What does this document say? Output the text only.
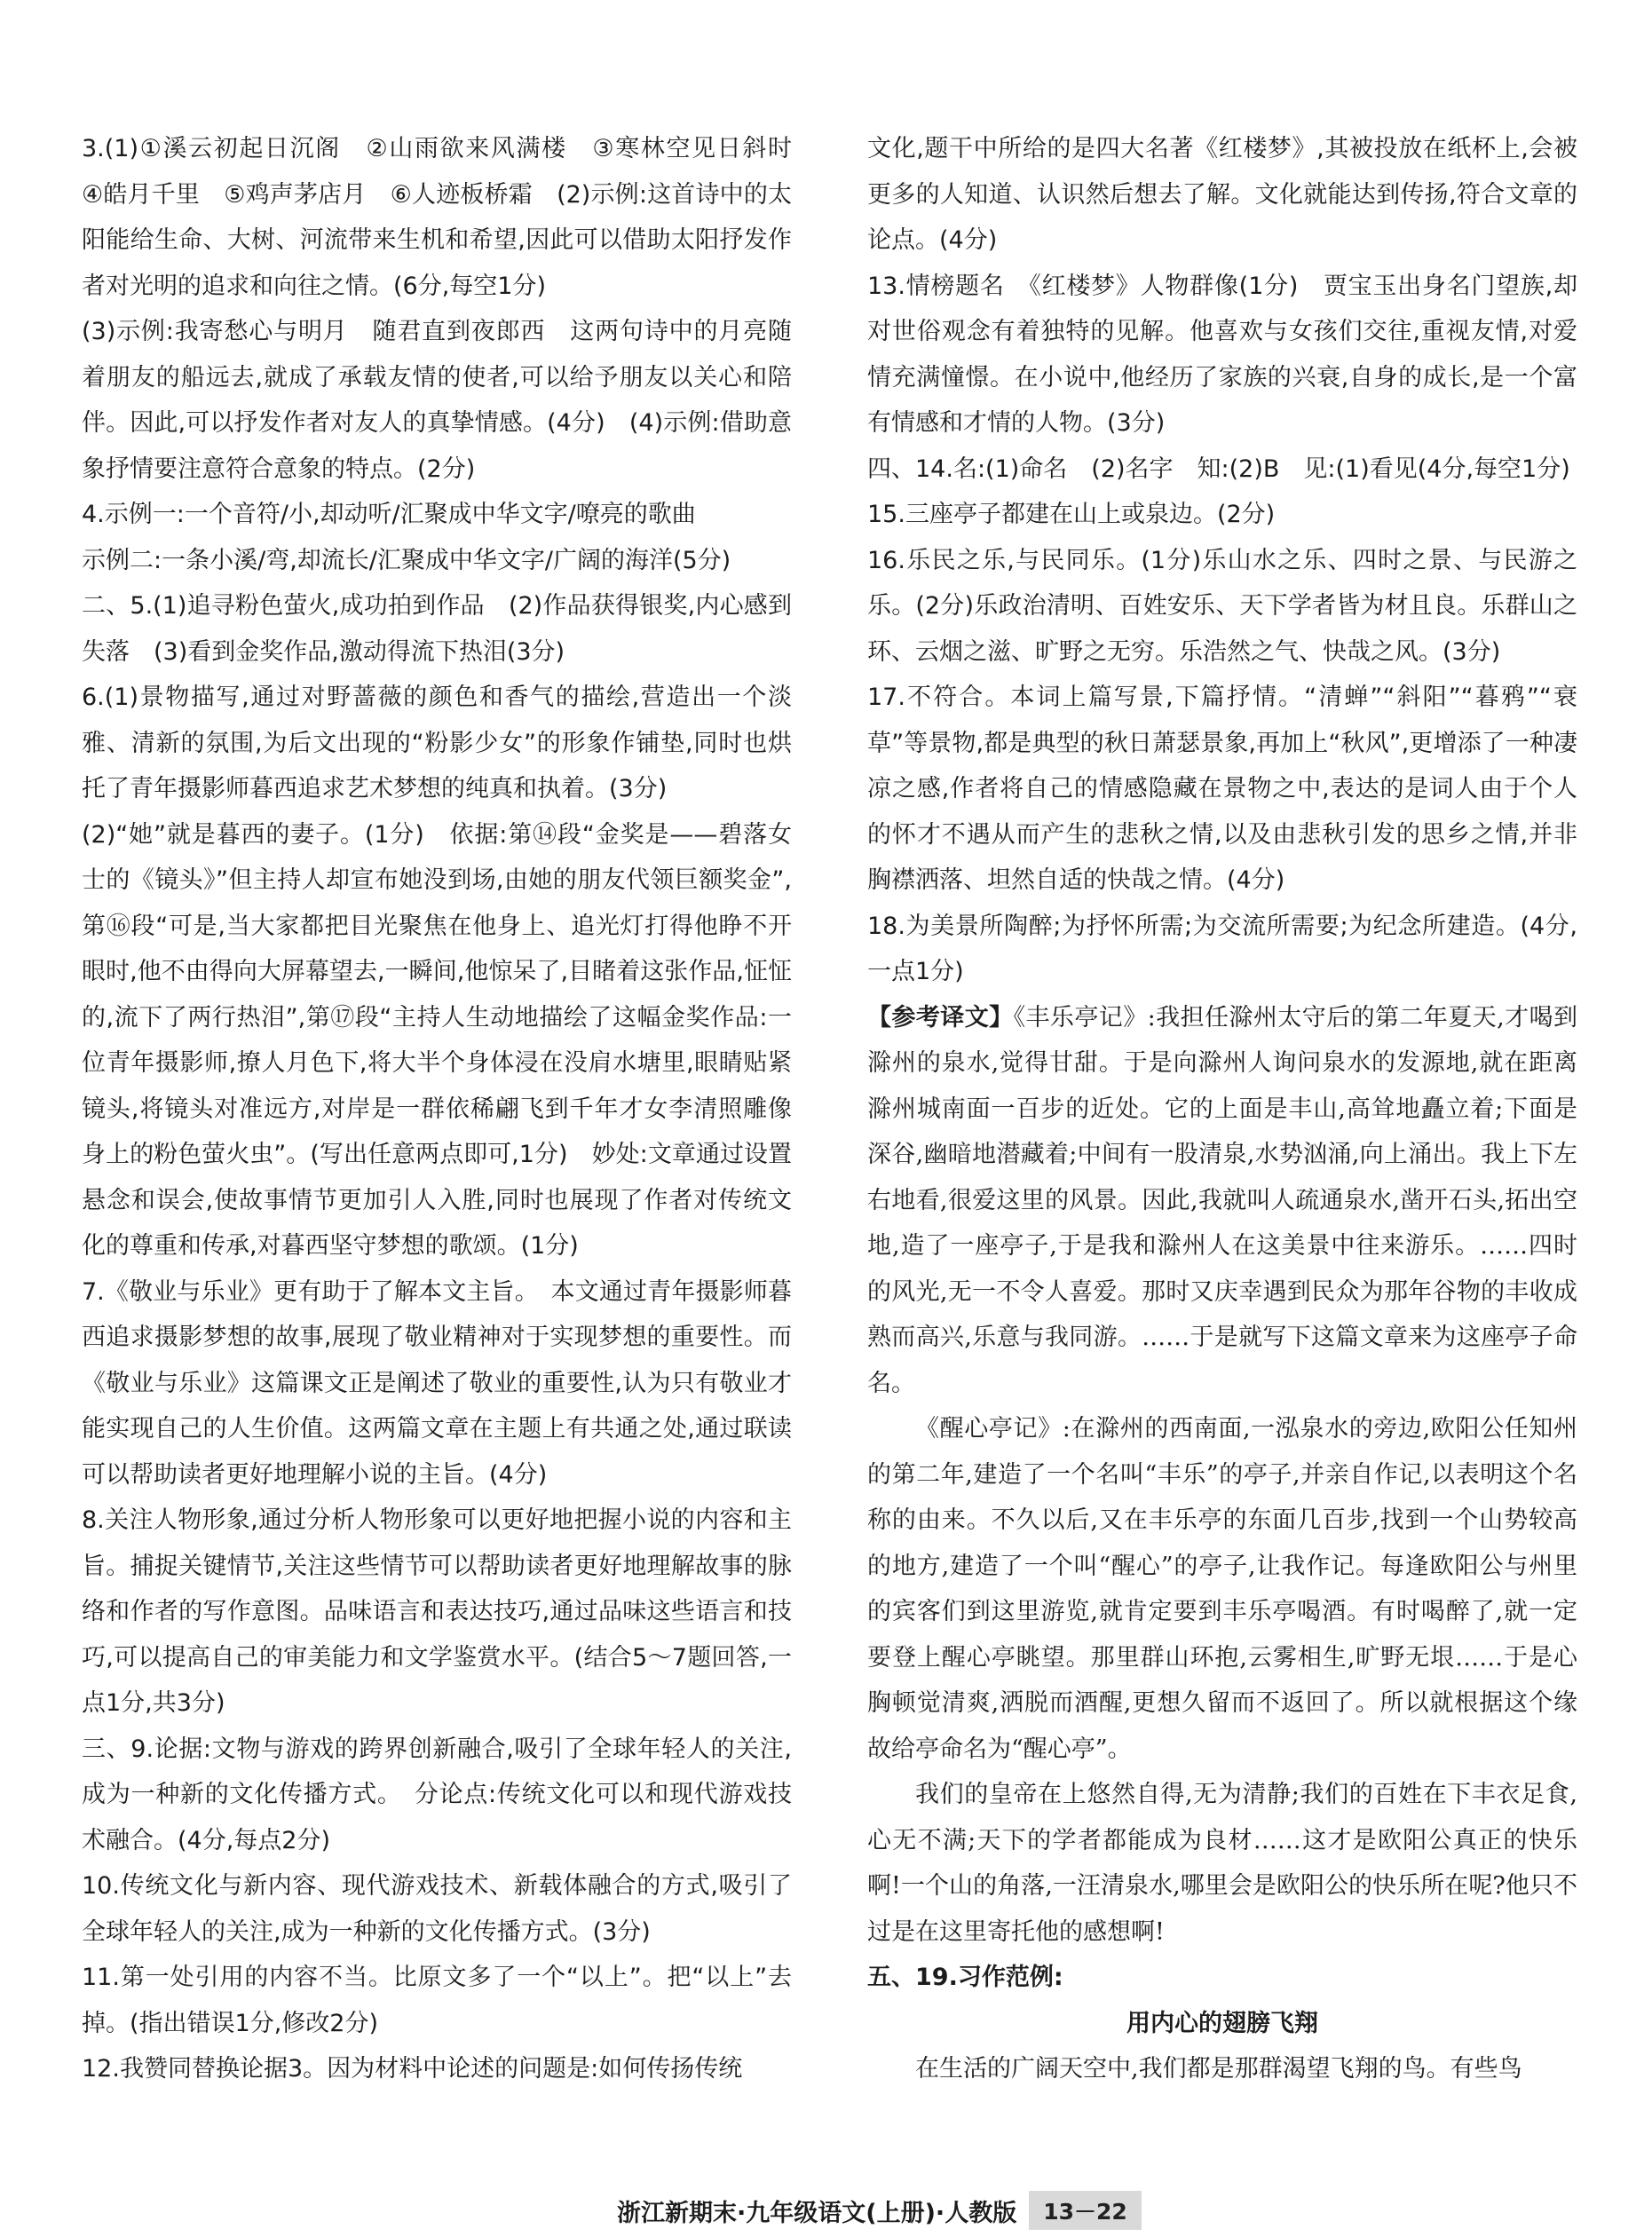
3.(1)①溪云初起日沉阁　②山雨欲来风满楼　③寒林空见日斜时　④皓月千里　⑤鸡声茅店月　⑥人迹板桥霜　(2)示例:这首诗中的太阳能给生命、大树、河流带来生机和希望,因此可以借助太阳抒发作者对光明的追求和向往之情。(6分,每空1分)

(3)示例:我寄愁心与明月　随君直到夜郎西　这两句诗中的月亮随着朋友的船远去,就成了承载友情的使者,可以给予朋友以关心和陪伴。因此,可以抒发作者对友人的真挚情感。(4分)　(4)示例:借助意象抒情要注意符合意象的特点。(2分)

4.示例一:一个音符/小,却动听/汇聚成中华文字/嘹亮的歌曲

示例二:一条小溪/弯,却流长/汇聚成中华文字/广阔的海洋(5分)

二、5.(1)追寻粉色萤火,成功拍到作品　(2)作品获得银奖,内心感到失落　(3)看到金奖作品,激动得流下热泪(3分)

6.(1)景物描写,通过对野蔷薇的颜色和香气的描绘,营造出一个淡雅、清新的氛围,为后文出现的“粉影少女”的形象作铺垫,同时也烘托了青年摄影师暮西追求艺术梦想的纯真和执着。(3分)

(2)“她”就是暮西的妻子。(1分)　依据:第⑭段“金奖是——碧落女士的《镜头》”但主持人却宣布她没到场,由她的朋友代领巨额奖金”,第⑯段“可是,当大家都把目光聚焦在他身上、追光灯打得他睁不开眼时,他不由得向大屏幕望去,一瞬间,他惊呆了,目睹着这张作品,怔怔的,流下了两行热泪”,第⑰段“主持人生动地描绘了这幅金奖作品:一位青年摄影师,撩人月色下,将大半个身体浸在没肩水塘里,眼睛贴紧镜头,将镜头对准远方,对岸是一群依稀翩飞到千年才女李清照雕像身上的粉色萤火虫”。(写出任意两点即可,1分)　妙处:文章通过设置悬念和误会,使故事情节更加引人入胜,同时也展现了作者对传统文化的尊重和传承,对暮西坚守梦想的歌颂。(1分)

7.《敬业与乐业》更有助于了解本文主旨。　本文通过青年摄影师暮西追求摄影梦想的故事,展现了敬业精神对于实现梦想的重要性。而《敬业与乐业》这篇课文正是阐述了敬业的重要性,认为只有敬业才能实现自己的人生价值。这两篇文章在主题上有共通之处,通过联读可以帮助读者更好地理解小说的主旨。(4分)

8.关注人物形象,通过分析人物形象可以更好地把握小说的内容和主旨。捕捉关键情节,关注这些情节可以帮助读者更好地理解故事的脉络和作者的写作意图。品味语言和表达技巧,通过品味这些语言和技巧,可以提高自己的审美能力和文学鉴赏水平。(结合5～7题回答,一点1分,共3分)

三、9.论据:文物与游戏的跨界创新融合,吸引了全球年轻人的关注,成为一种新的文化传播方式。　分论点:传统文化可以和现代游戏技术融合。(4分,每点2分)

10.传统文化与新内容、现代游戏技术、新载体融合的方式,吸引了全球年轻人的关注,成为一种新的文化传播方式。(3分)

11.第一处引用的内容不当。比原文多了一个“以上”。把“以上”去掉。(指出错误1分,修改2分)

12.我赞同替换论据3。因为材料中论述的问题是:如何传扬传统

文化,题干中所给的是四大名著《红楼梦》,其被投放在纸杯上,会被更多的人知道、认识然后想去了解。文化就能达到传扬,符合文章的论点。(4分)

13.情榜题名　《红楼梦》人物群像(1分)　贾宝玉出身名门望族,却对世俗观念有着独特的见解。他喜欢与女孩们交往,重视友情,对爱情充满憧憬。在小说中,他经历了家族的兴衰,自身的成长,是一个富有情感和才情的人物。(3分)

四、14.名:(1)命名　(2)名字　知:(2)B　见:(1)看见(4分,每空1分)

15.三座亭子都建在山上或泉边。(2分)

16.乐民之乐,与民同乐。(1分)乐山水之乐、四时之景、与民游之乐。(2分)乐政治清明、百姓安乐、天下学者皆为材且良。乐群山之环、云烟之滋、旷野之无穷。乐浩然之气、快哉之风。(3分)

17.不符合。本词上篇写景,下篇抒情。“清蝉”“斜阳”“暮鸦”“衰草”等景物,都是典型的秋日萧瑟景象,再加上“秋风”,更增添了一种凄凉之感,作者将自己的情感隐藏在景物之中,表达的是词人由于个人的怀才不遇从而产生的悲秋之情,以及由悲秋引发的思乡之情,并非胸襟洒落、坦然自适的快哉之情。(4分)

18.为美景所陶醉;为抒怀所需;为交流所需要;为纪念所建造。(4分,一点1分)

【参考译文】《丰乐亭记》:我担任滁州太守后的第二年夏天,才喝到滁州的泉水,觉得甘甜。于是向滁州人询问泉水的发源地,就在距离滁州城南面一百步的近处。它的上面是丰山,高耸地矗立着;下面是深谷,幽暗地潜藏着;中间有一股清泉,水势汹涌,向上涌出。我上下左右地看,很爱这里的风景。因此,我就叫人疏通泉水,凿开石头,拓出空地,造了一座亭子,于是我和滁州人在这美景中往来游乐。……四时的风光,无一不令人喜爱。那时又庆幸遇到民众为那年谷物的丰收成熟而高兴,乐意与我同游。……于是就写下这篇文章来为这座亭子命名。

《醒心亭记》:在滁州的西南面,一泓泉水的旁边,欧阳公任知州的第二年,建造了一个名叫“丰乐”的亭子,并亲自作记,以表明这个名称的由来。不久以后,又在丰乐亭的东面几百步,找到一个山势较高的地方,建造了一个叫“醒心”的亭子,让我作记。每逢欧阳公与州里的宾客们到这里游览,就肯定要到丰乐亭喝酒。有时喝醉了,就一定要登上醒心亭眺望。那里群山环抱,云雾相生,旷野无垠……于是心胸顿觉清爽,洒脱而酒醒,更想久留而不返回了。所以就根据这个缘故给亭命名为“醒心亭”。

我们的皇帝在上悠然自得,无为清静;我们的百姓在下丰衣足食,心无不满;天下的学者都能成为良材……这才是欧阳公真正的快乐啊!一个山的角落,一汪清泉水,哪里会是欧阳公的快乐所在呢?他只不过是在这里寄托他的感想啊!

五、19.习作范例:

用内心的翅膀飞翔

在生活的广阔天空中,我们都是那群渴望飞翔的鸟。有些鸟

浙江新期末·九年级语文(上册)·人教版	13－22
